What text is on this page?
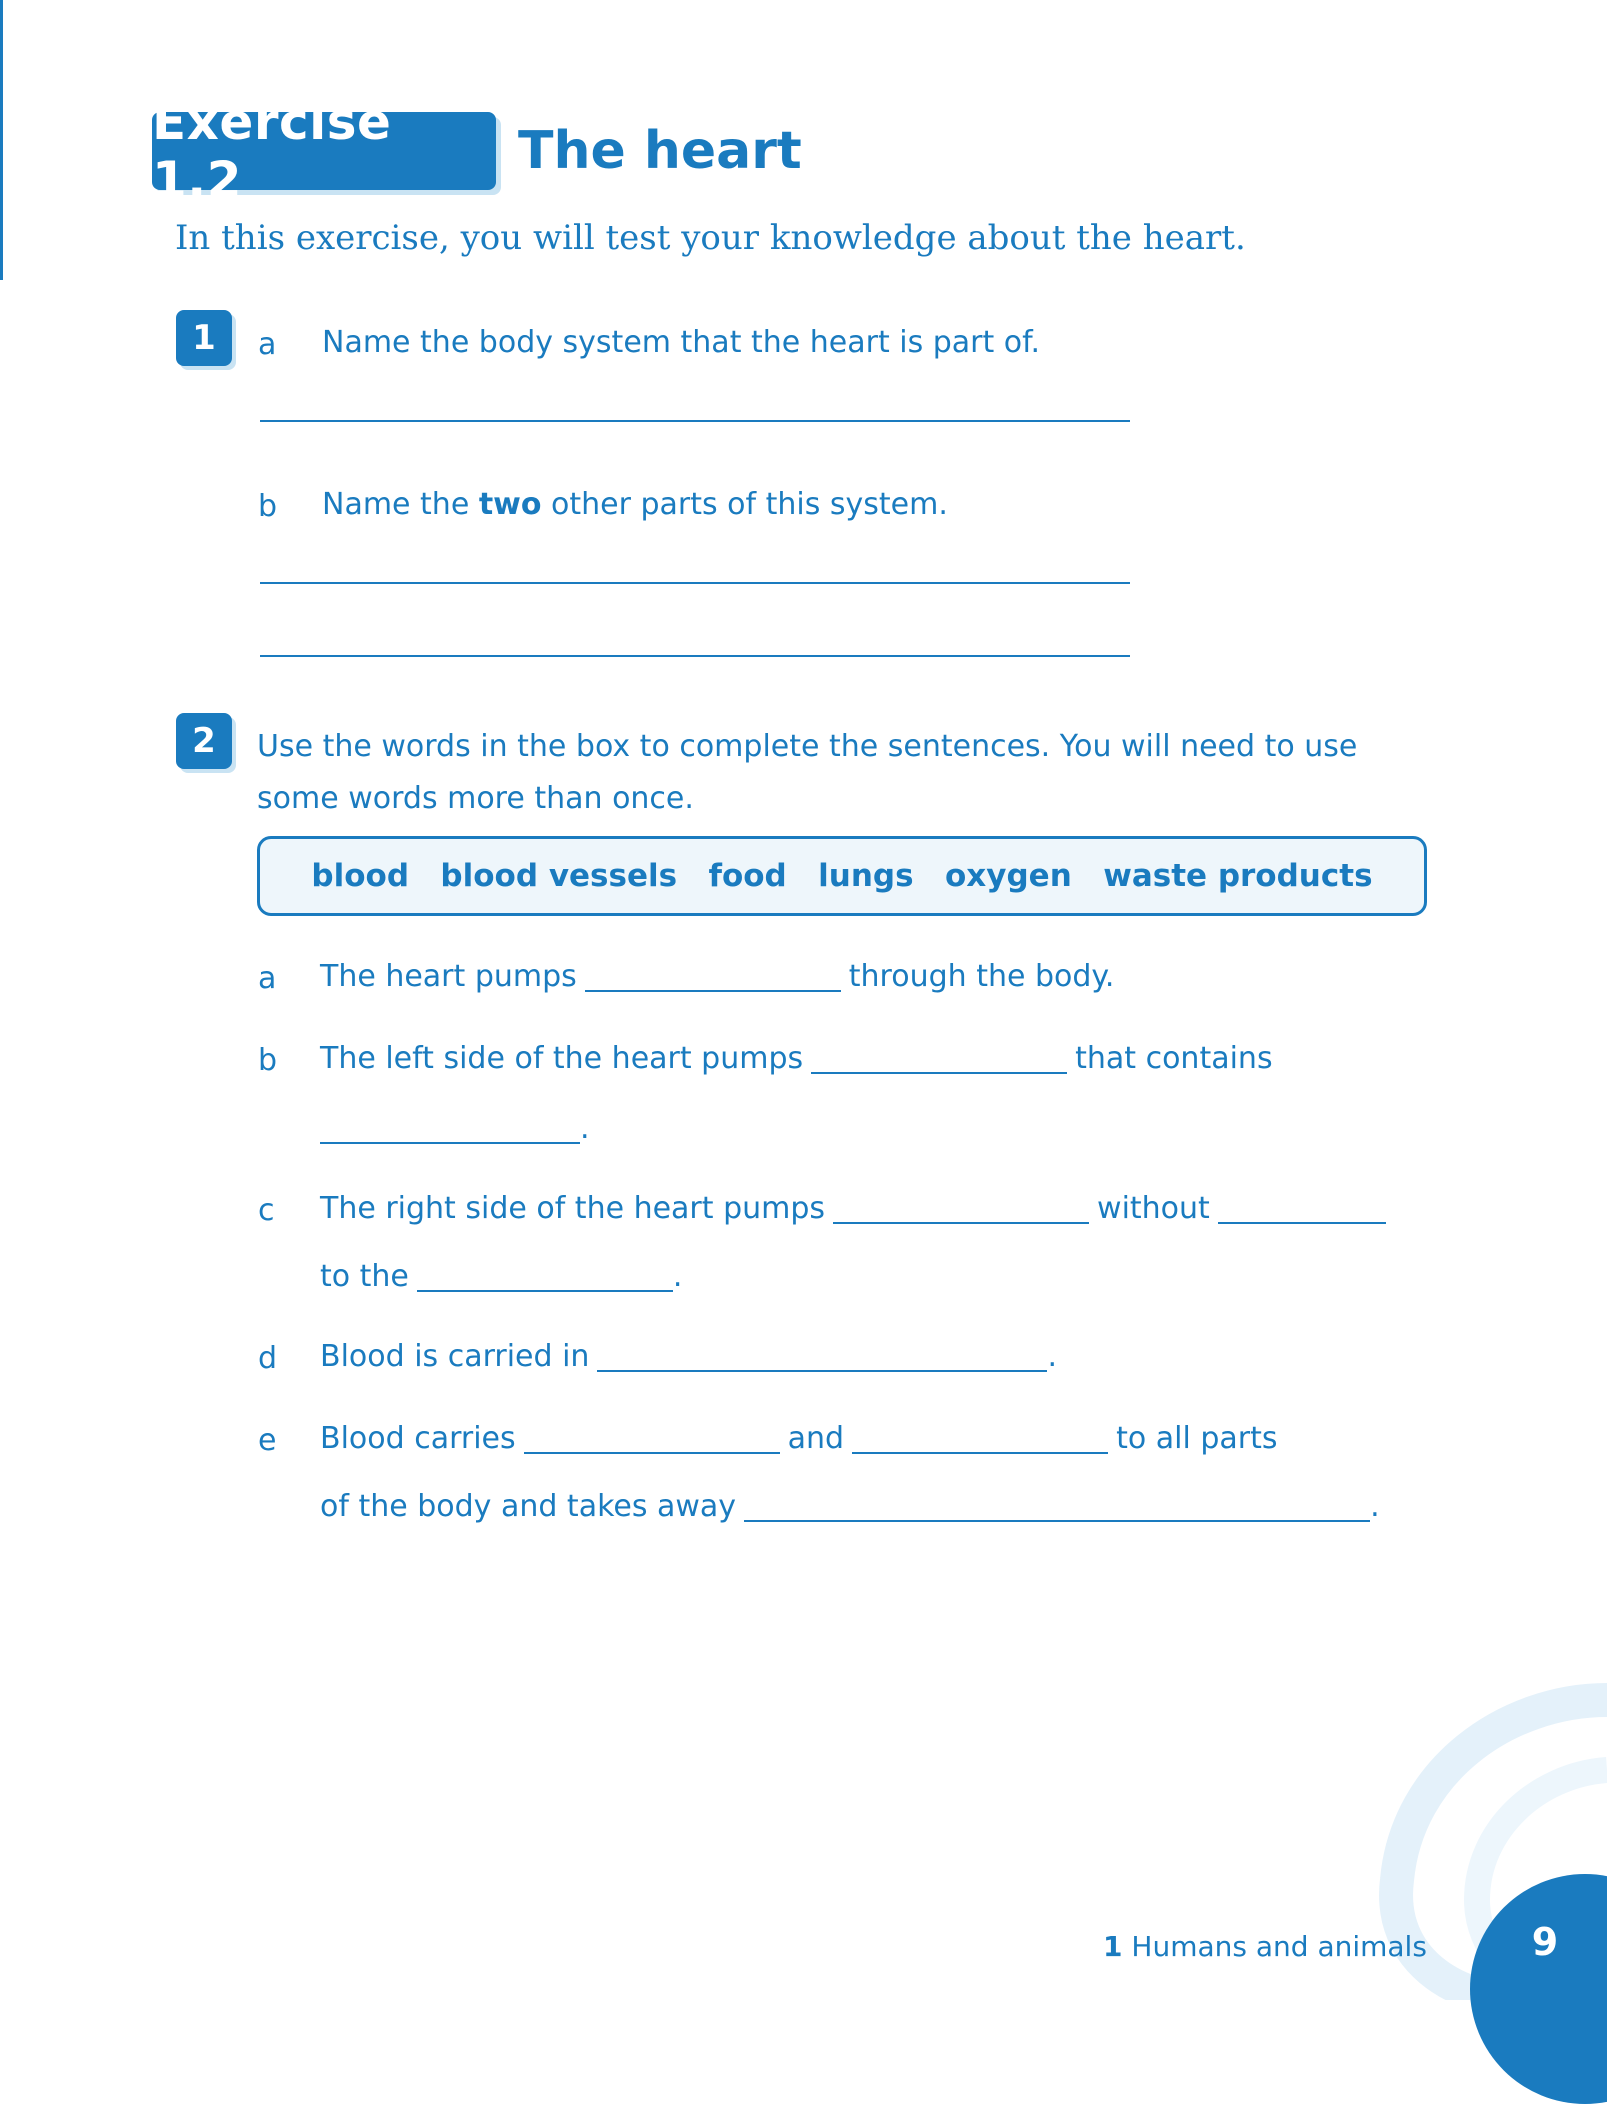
Exercise 1.2	The heart
In this exercise, you will test your knowledge about the heart.
1	a Name the body system that the heart is part of.
b Name the two other parts of this system.
2	Use the words in the box to complete the sentences. You will need to use
some words more than once.
blood blood vessels food lungs oxygen waste products
a The heart pumps	through the body.
b The left side of the heart pumps	that contains
.
c The right side of the heart pumps	without
to the	.
d Blood is carried in	.
e Blood carries	and	to all parts
of the body and takes away	.
1 Humans and animals	9
